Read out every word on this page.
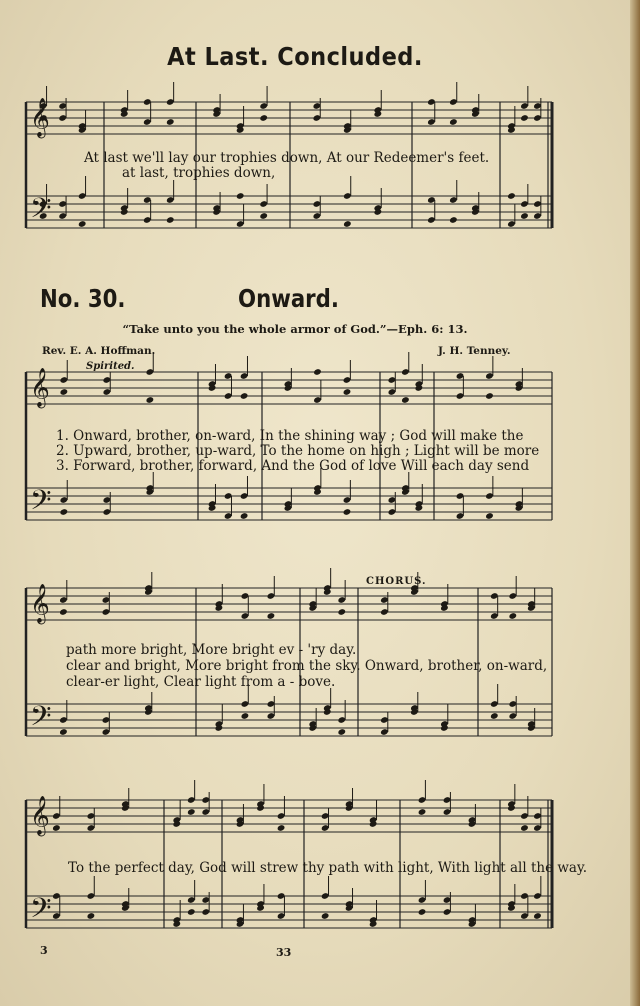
𝄞
𝄢
𝄞
𝄢
𝄞
𝄢
𝄞
𝄢
At Last. Concluded.
At last we'll lay our trophies down, At our Redeemer's feet.
at last, trophies down,
No. 30.	Onward.
“Take unto you the whole armor of God.”—Eph. 6: 13.
Rev. E. A. Hoffman.	J. H. Tenney.
Spirited.
1. Onward, brother, on-ward, In the shining way ; God will make the
2. Upward, brother, up-ward, To the home on high ; Light will be more
3. Forward, brother, forward, And the God of love Will each day send
CHORUS.
path more bright, More bright ev - 'ry day.
clear and bright, More bright from the sky. Onward, brother, on-ward,
clear-er light, Clear light from a - bove.
To the perfect day, God will strew thy path with light, With light all the way.
3	33
